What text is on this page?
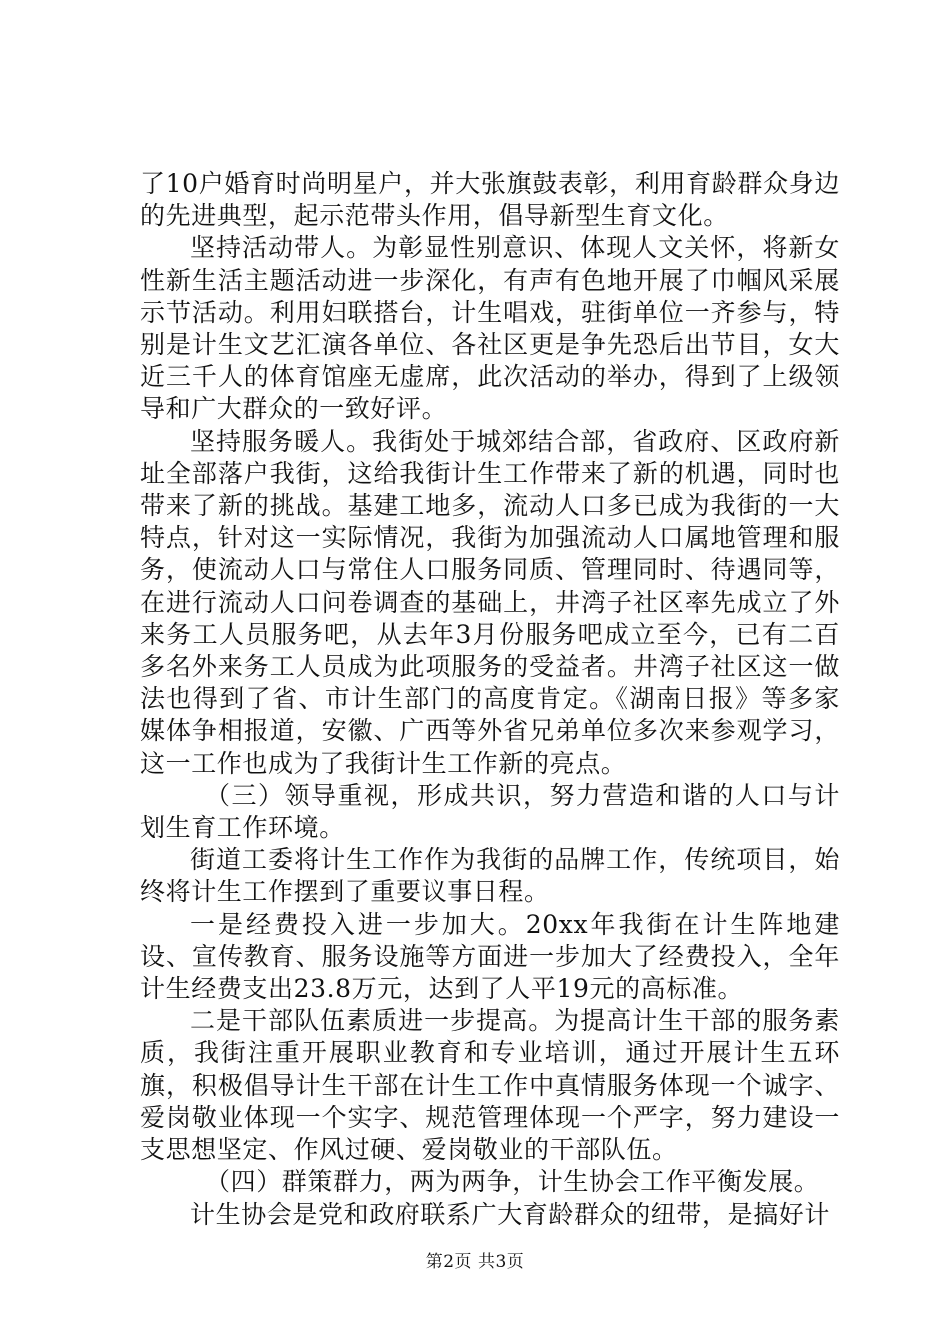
了10户婚育时尚明星户，并大张旗鼓表彰，利用育龄群众身边的先进典型，起示范带头作用，倡导新型生育文化。

坚持活动带人。为彰显性别意识、体现人文关怀，将新女性新生活主题活动进一步深化，有声有色地开展了巾帼风采展示节活动。利用妇联搭台，计生唱戏，驻街单位一齐参与，特别是计生文艺汇演各单位、各社区更是争先恐后出节目，女大近三千人的体育馆座无虚席，此次活动的举办，得到了上级领导和广大群众的一致好评。

坚持服务暖人。我街处于城郊结合部，省政府、区政府新址全部落户我街，这给我街计生工作带来了新的机遇，同时也带来了新的挑战。基建工地多，流动人口多已成为我街的一大特点，针对这一实际情况，我街为加强流动人口属地管理和服务，使流动人口与常住人口服务同质、管理同时、待遇同等，在进行流动人口问卷调查的基础上，井湾子社区率先成立了外来务工人员服务吧，从去年3月份服务吧成立至今，已有二百多名外来务工人员成为此项服务的受益者。井湾子社区这一做法也得到了省、市计生部门的高度肯定。《湖南日报》等多家媒体争相报道，安徽、广西等外省兄弟单位多次来参观学习，这一工作也成为了我街计生工作新的亮点。

（三）领导重视，形成共识，努力营造和谐的人口与计划生育工作环境。

街道工委将计生工作作为我街的品牌工作，传统项目，始终将计生工作摆到了重要议事日程。

一是经费投入进一步加大。20xx年我街在计生阵地建设、宣传教育、服务设施等方面进一步加大了经费投入，全年计生经费支出23.8万元，达到了人平19元的高标准。

二是干部队伍素质进一步提高。为提高计生干部的服务素质，我街注重开展职业教育和专业培训，通过开展计生五环旗，积极倡导计生干部在计生工作中真情服务体现一个诚字、爱岗敬业体现一个实字、规范管理体现一个严字，努力建设一支思想坚定、作风过硬、爱岗敬业的干部队伍。

（四）群策群力，两为两争，计生协会工作平衡发展。

计生协会是党和政府联系广大育龄群众的纽带，是搞好计

第2页 共3页
